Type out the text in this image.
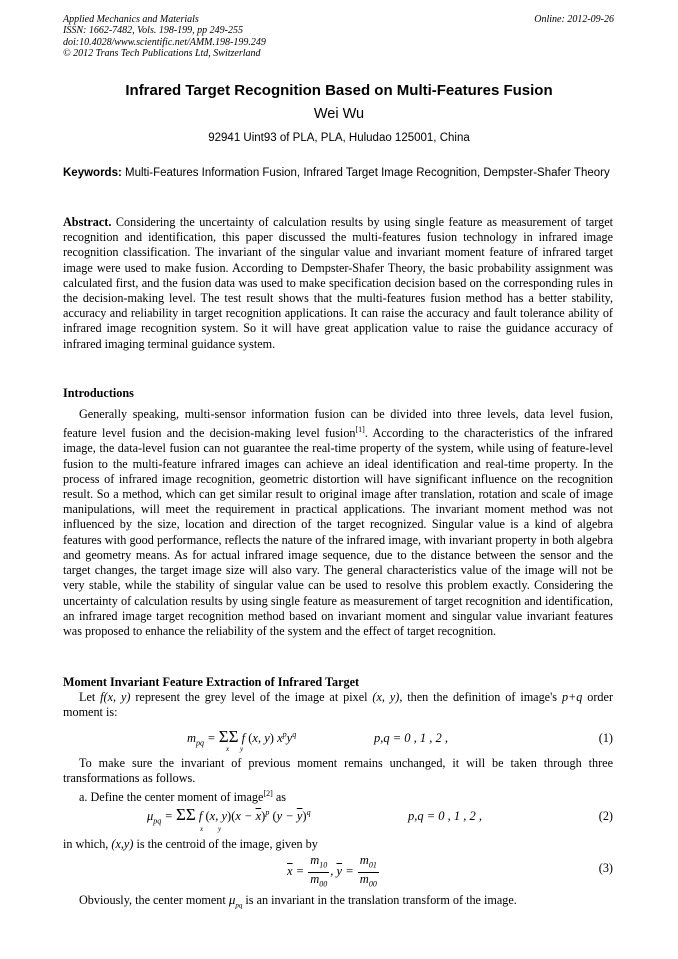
Applied Mechanics and Materials
ISSN: 1662-7482, Vols. 198-199, pp 249-255
doi:10.4028/www.scientific.net/AMM.198-199.249
© 2012 Trans Tech Publications Ltd, Switzerland
Online: 2012-09-26
Infrared Target Recognition Based on Multi-Features Fusion
Wei Wu
92941 Uint93 of PLA, PLA, Huludao 125001, China
Keywords: Multi-Features Information Fusion, Infrared Target Image Recognition, Dempster-Shafer Theory
Abstract. Considering the uncertainty of calculation results by using single feature as measurement of target recognition and identification, this paper discussed the multi-features fusion technology in infrared image recognition classification. The invariant of the singular value and invariant moment feature of infrared target image were used to make fusion. According to Dempster-Shafer Theory, the basic probability assignment was calculated first, and the fusion data was used to make specification decision based on the corresponding rules in the decision-making level. The test result shows that the multi-features fusion method has a better stability, accuracy and reliability in target recognition applications. It can raise the accuracy and fault tolerance ability of infrared image recognition system. So it will have great application value to raise the guidance accuracy of infrared imaging terminal guidance system.
Introductions
Generally speaking, multi-sensor information fusion can be divided into three levels, data level fusion, feature level fusion and the decision-making level fusion[1]. According to the characteristics of the infrared image, the data-level fusion can not guarantee the real-time property of the system, while using of feature-level fusion to the multi-feature infrared images can achieve an ideal identification and real-time property. In the process of infrared image recognition, geometric distortion will have significant influence on the recognition result. So a method, which can get similar result to original image after translation, rotation and scale of image manipulations, will meet the requirement in practical applications. The invariant moment method was not influenced by the size, location and direction of the target recognized. Singular value is a kind of algebra features with good performance, reflects the nature of the infrared image, with invariant property in both algebra and geometry means. As for actual infrared image sequence, due to the distance between the sensor and the target changes, the target image size will also vary. The general characteristics value of the image will not be very stable, while the stability of singular value can be used to resolve this problem exactly. Considering the uncertainty of calculation results by using single feature as measurement of target recognition and identification, an infrared image target recognition method based on invariant moment and singular value invariant features was proposed to enhance the reliability of the system and the effect of target recognition.
Moment Invariant Feature Extraction of Infrared Target
Let f(x, y) represent the grey level of the image at pixel (x, y), then the definition of image's p+q order moment is:
$m_{pq} = \Sigma\Sigma$ f (x, y) $x^py^q$
x y
p,q = 0 , 1 , 2 ,	(1)
To make sure the invariant of previous moment remains unchanged, it will be taken through three transformations as follows.
a. Define the center moment of image[2] as
$\mu_{pq} = \Sigma\Sigma$ f (x, $y)(x - \overline{x})^p$ $(y - \overline{y})^q$
x y
p,q = 0 , 1 , 2 ,	(2)
in which, (x,y) is the centroid of the image, given by
$\overline{x} = \frac{m_{10}}{m_{00}}$ , $\overline{y} = \frac{m_{01}}{m_{00}}$	(3)
Obviously, the center moment $\mu_{pq}$ is an invariant in the translation transform of the image.
